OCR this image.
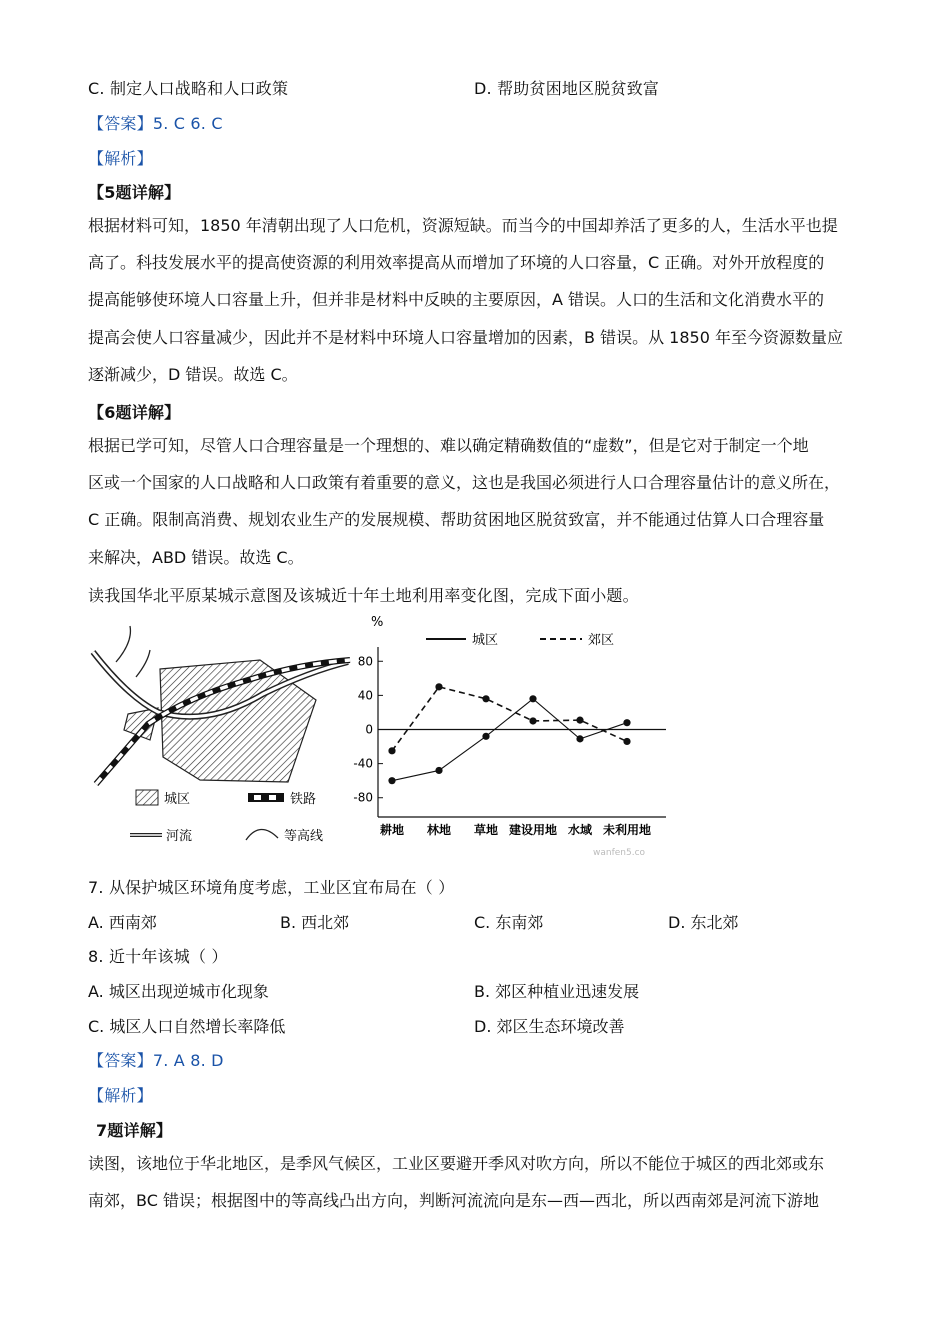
C. 制定人口战略和人口政策	D. 帮助贫困地区脱贫致富
【答案】5. C 6. C
【解析】
【5题详解】
根据材料可知，1850 年清朝出现了人口危机，资源短缺。而当今的中国却养活了更多的人，生活水平也提
高了。科技发展水平的提高使资源的利用效率提高从而增加了环境的人口容量，C 正确。对外开放程度的
提高能够使环境人口容量上升，但并非是材料中反映的主要原因，A 错误。人口的生活和文化消费水平的
提高会使人口容量减少，因此并不是材料中环境人口容量增加的因素，B 错误。从 1850 年至今资源数量应
逐渐减少，D 错误。故选 C。
【6题详解】
根据已学可知，尽管人口合理容量是一个理想的、难以确定精确数值的“虚数”，但是它对于制定一个地
区或一个国家的人口战略和人口政策有着重要的意义，这也是我国必须进行人口合理容量估计的意义所在，
C 正确。限制高消费、规划农业生产的发展规模、帮助贫困地区脱贫致富，并不能通过估算人口合理容量
来解决，ABD 错误。故选 C。
读我国华北平原某城示意图及该城近十年土地利用率变化图，完成下面小题。
城区	铁路
河流	等高线
%
城区	郊区
80
40
0
-40
-80
耕地 林地 草地 建设用地 水域 未利用地
wanfen5.co
7. 从保护城区环境角度考虑，工业区宜布局在（ ）
A. 西南郊	B. 西北郊	C. 东南郊	D. 东北郊
8. 近十年该城（ ）
A. 城区出现逆城市化现象	B. 郊区种植业迅速发展
C. 城区人口自然增长率降低	D. 郊区生态环境改善
【答案】7. A 8. D
【解析】
7题详解】
读图，该地位于华北地区，是季风气候区，工业区要避开季风对吹方向，所以不能位于城区的西北郊或东
南郊，BC 错误；根据图中的等高线凸出方向，判断河流流向是东—西—西北，所以西南郊是河流下游地
